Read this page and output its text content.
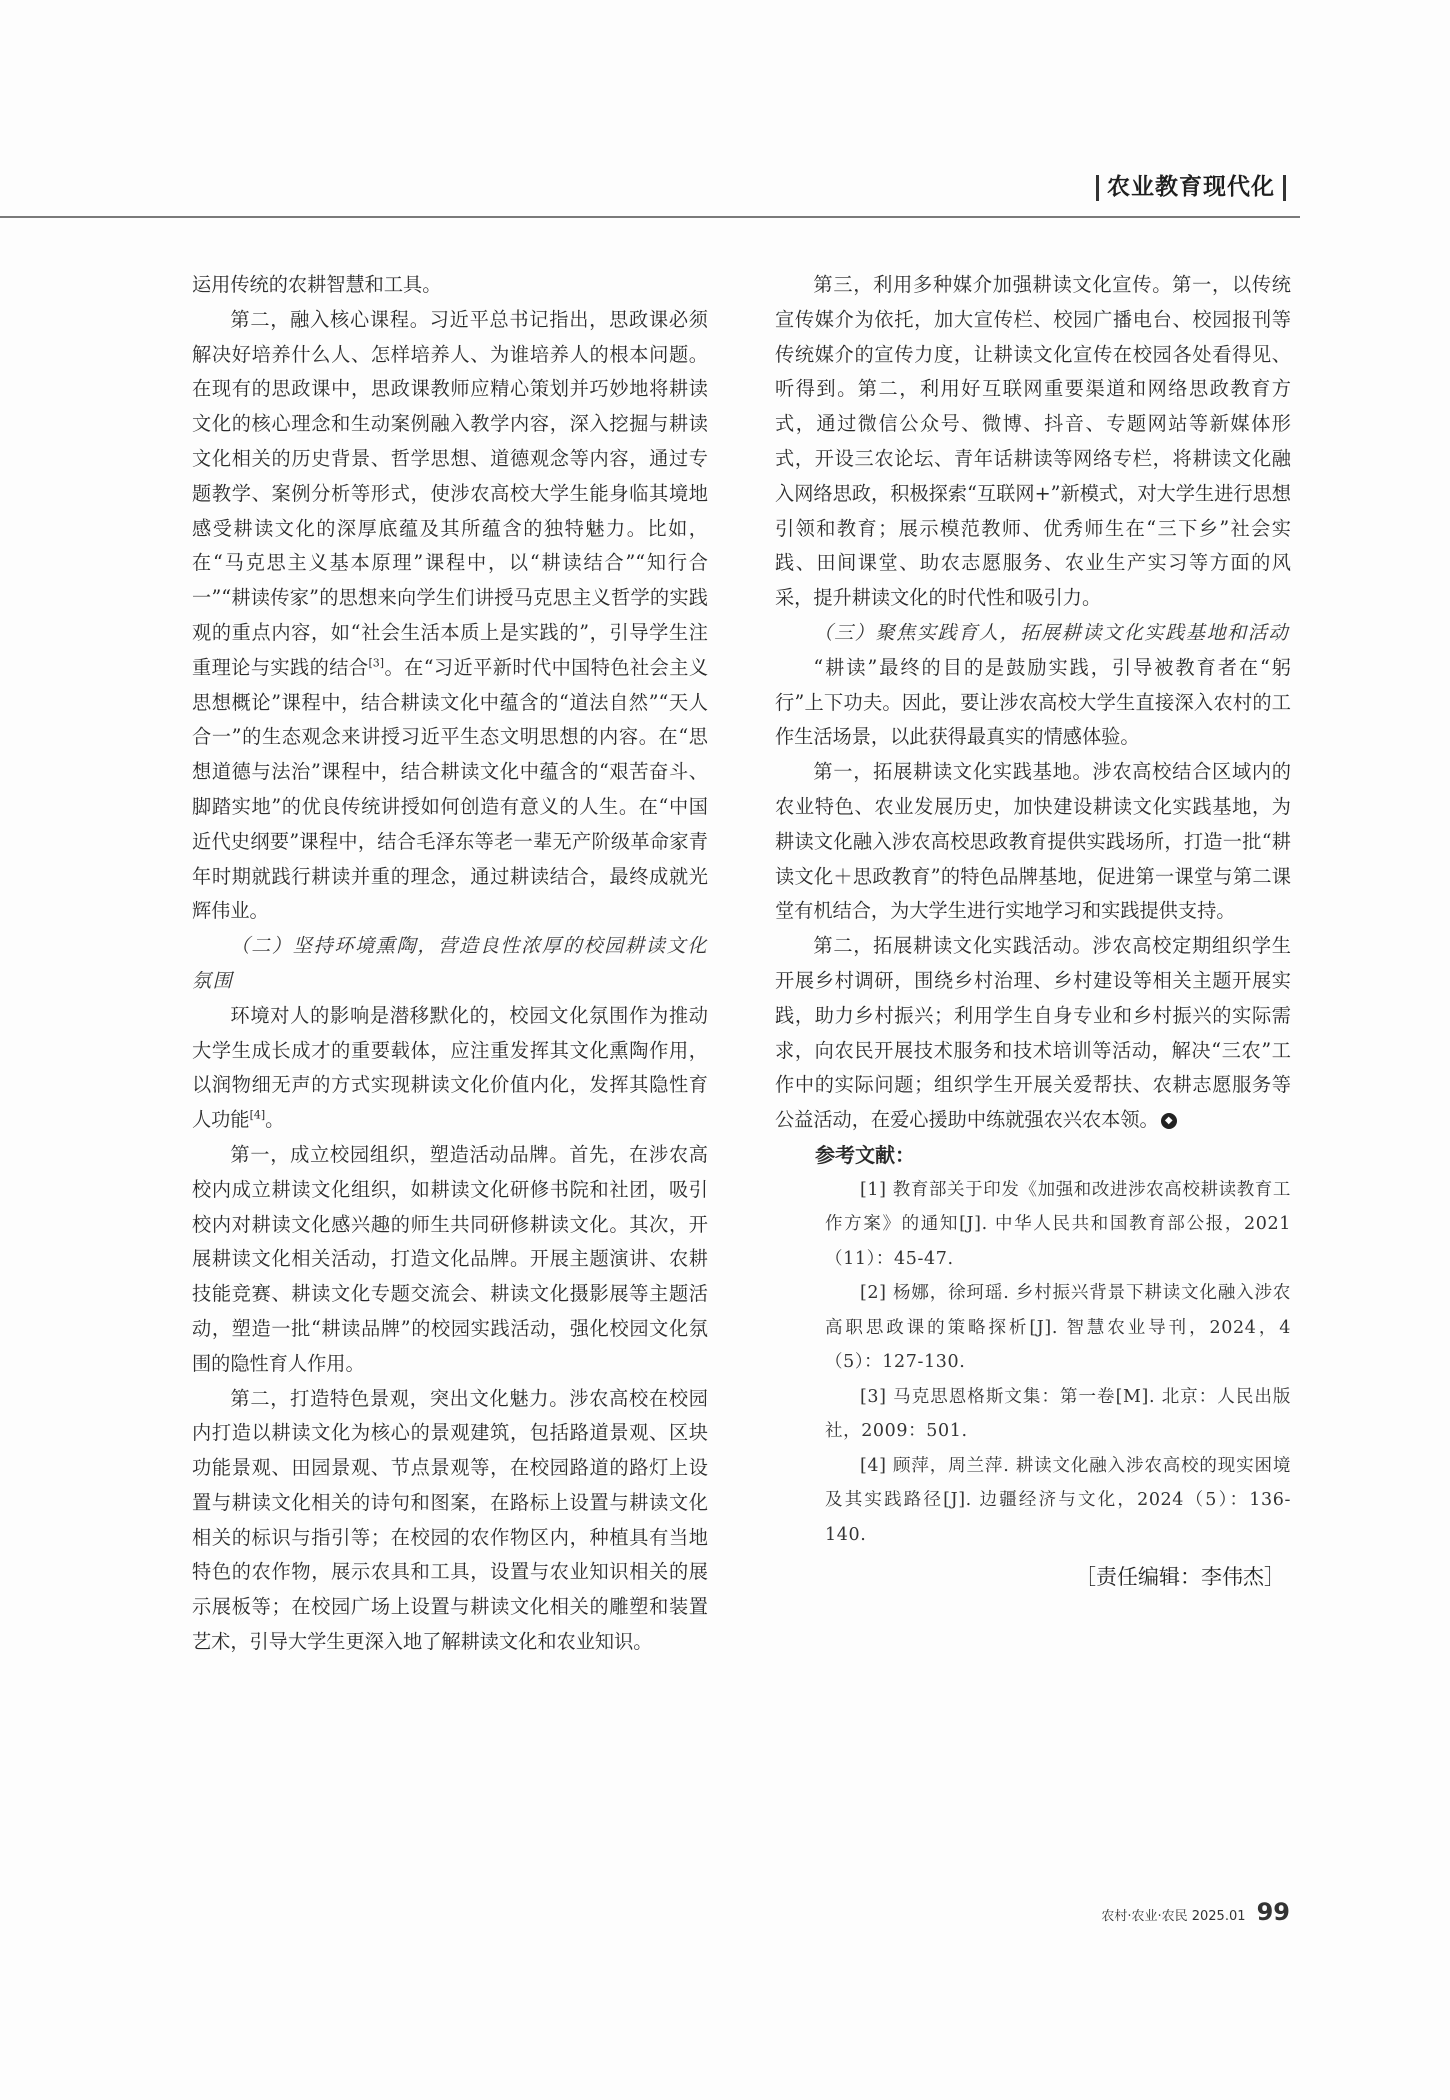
农业教育现代化

运用传统的农耕智慧和工具。

第二，融入核心课程。习近平总书记指出，思政课必须解决好培养什么人、怎样培养人、为谁培养人的根本问题。在现有的思政课中，思政课教师应精心策划并巧妙地将耕读文化的核心理念和生动案例融入教学内容，深入挖掘与耕读文化相关的历史背景、哲学思想、道德观念等内容，通过专题教学、案例分析等形式，使涉农高校大学生能身临其境地感受耕读文化的深厚底蕴及其所蕴含的独特魅力。比如，在“马克思主义基本原理”课程中，以“耕读结合”“知行合一”“耕读传家”的思想来向学生们讲授马克思主义哲学的实践观的重点内容，如“社会生活本质上是实践的”，引导学生注重理论与实践的结合[3]。在“习近平新时代中国特色社会主义思想概论”课程中，结合耕读文化中蕴含的“道法自然”“天人合一”的生态观念来讲授习近平生态文明思想的内容。在“思想道德与法治”课程中，结合耕读文化中蕴含的“艰苦奋斗、脚踏实地”的优良传统讲授如何创造有意义的人生。在“中国近代史纲要”课程中，结合毛泽东等老一辈无产阶级革命家青年时期就践行耕读并重的理念，通过耕读结合，最终成就光辉伟业。

（二）坚持环境熏陶，营造良性浓厚的校园耕读文化氛围

环境对人的影响是潜移默化的，校园文化氛围作为推动大学生成长成才的重要载体，应注重发挥其文化熏陶作用，以润物细无声的方式实现耕读文化价值内化，发挥其隐性育人功能[4]。

第一，成立校园组织，塑造活动品牌。首先，在涉农高校内成立耕读文化组织，如耕读文化研修书院和社团，吸引校内对耕读文化感兴趣的师生共同研修耕读文化。其次，开展耕读文化相关活动，打造文化品牌。开展主题演讲、农耕技能竞赛、耕读文化专题交流会、耕读文化摄影展等主题活动，塑造一批“耕读品牌”的校园实践活动，强化校园文化氛围的隐性育人作用。

第二，打造特色景观，突出文化魅力。涉农高校在校园内打造以耕读文化为核心的景观建筑，包括路道景观、区块功能景观、田园景观、节点景观等，在校园路道的路灯上设置与耕读文化相关的诗句和图案，在路标上设置与耕读文化相关的标识与指引等；在校园的农作物区内，种植具有当地特色的农作物，展示农具和工具，设置与农业知识相关的展示展板等；在校园广场上设置与耕读文化相关的雕塑和装置艺术，引导大学生更深入地了解耕读文化和农业知识。

第三，利用多种媒介加强耕读文化宣传。第一，以传统宣传媒介为依托，加大宣传栏、校园广播电台、校园报刊等传统媒介的宣传力度，让耕读文化宣传在校园各处看得见、听得到。第二，利用好互联网重要渠道和网络思政教育方式，通过微信公众号、微博、抖音、专题网站等新媒体形式，开设三农论坛、青年话耕读等网络专栏，将耕读文化融入网络思政，积极探索“互联网+”新模式，对大学生进行思想引领和教育；展示模范教师、优秀师生在“三下乡”社会实践、田间课堂、助农志愿服务、农业生产实习等方面的风采，提升耕读文化的时代性和吸引力。

（三）聚焦实践育人，拓展耕读文化实践基地和活动

“耕读”最终的目的是鼓励实践，引导被教育者在“躬行”上下功夫。因此，要让涉农高校大学生直接深入农村的工作生活场景，以此获得最真实的情感体验。

第一，拓展耕读文化实践基地。涉农高校结合区域内的农业特色、农业发展历史，加快建设耕读文化实践基地，为耕读文化融入涉农高校思政教育提供实践场所，打造一批“耕读文化＋思政教育”的特色品牌基地，促进第一课堂与第二课堂有机结合，为大学生进行实地学习和实践提供支持。

第二，拓展耕读文化实践活动。涉农高校定期组织学生开展乡村调研，围绕乡村治理、乡村建设等相关主题开展实践，助力乡村振兴；利用学生自身专业和乡村振兴的实际需求，向农民开展技术服务和技术培训等活动，解决“三农”工作中的实际问题；组织学生开展关爱帮扶、农耕志愿服务等公益活动，在爱心援助中练就强农兴农本领。 ◆

参考文献：

[1] 教育部关于印发《加强和改进涉农高校耕读教育工作方案》的通知[J]. 中华人民共和国教育部公报，2021（11）：45-47.

[2] 杨娜，徐珂瑶. 乡村振兴背景下耕读文化融入涉农高职思政课的策略探析[J]. 智慧农业导刊，2024，4（5）：127-130.

[3] 马克思恩格斯文集：第一卷[M]. 北京：人民出版社，2009：501.

[4] 顾萍，周兰萍. 耕读文化融入涉农高校的现实困境及其实践路径[J]. 边疆经济与文化，2024（5）：136-140.

［责任编辑：李伟杰］
农村·农业·农民 2025.01 99
